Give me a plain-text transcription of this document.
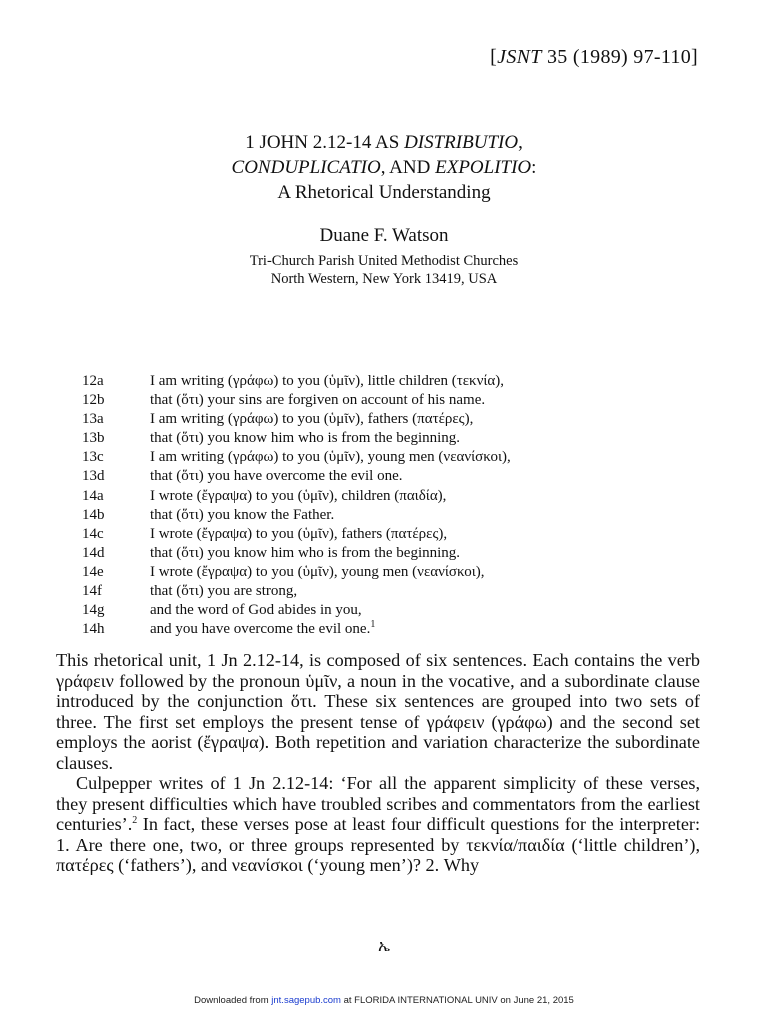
[JSNT 35 (1989) 97-110]
1 JOHN 2.12-14 AS DISTRIBUTIO,
CONDUPLICATIO, AND EXPOLITIO:
A Rhetorical Understanding
Duane F. Watson
Tri-Church Parish United Methodist Churches
North Western, New York 13419, USA
12a	I am writing (γράφω) to you (ὑμῖν), little children (τεκνία),
12b	that (ὅτι) your sins are forgiven on account of his name.
13a	I am writing (γράφω) to you (ὑμῖν), fathers (πατέρες),
13b	that (ὅτι) you know him who is from the beginning.
13c	I am writing (γράφω) to you (ὑμῖν), young men (νεανίσκοι),
13d	that (ὅτι) you have overcome the evil one.
14a	I wrote (ἔγραψα) to you (ὑμῖν), children (παιδία),
14b	that (ὅτι) you know the Father.
14c	I wrote (ἔγραψα) to you (ὑμῖν), fathers (πατέρες),
14d	that (ὅτι) you know him who is from the beginning.
14e	I wrote (ἔγραψα) to you (ὑμῖν), young men (νεανίσκοι),
14f	that (ὅτι) you are strong,
14g	and the word of God abides in you,
14h	and you have overcome the evil one.$^1$

This rhetorical unit, 1 Jn 2.12-14, is composed of six sentences. Each contains the verb γράφειν followed by the pronoun ὑμῖν, a noun in the vocative, and a subordinate clause introduced by the conjunction ὅτι. These six sentences are grouped into two sets of three. The first set employs the present tense of γράφειν (γράφω) and the second set employs the aorist (ἔγραψα). Both repetition and variation characterize the subordinate clauses.

Culpepper writes of 1 Jn 2.12-14: ‘For all the apparent simplicity of these verses, they present difficulties which have troubled scribes and commentators from the earliest centuries’.$^2$ In fact, these verses pose at least four difficult questions for the interpreter: 1. Are there one, two, or three groups represented by τεκνία/παιδία (‘little children’), πατέρες (‘fathers’), and νεανίσκοι (‘young men’)? 2. Why

ኤ
Downloaded from jnt.sagepub.com at FLORIDA INTERNATIONAL UNIV on June 21, 2015
